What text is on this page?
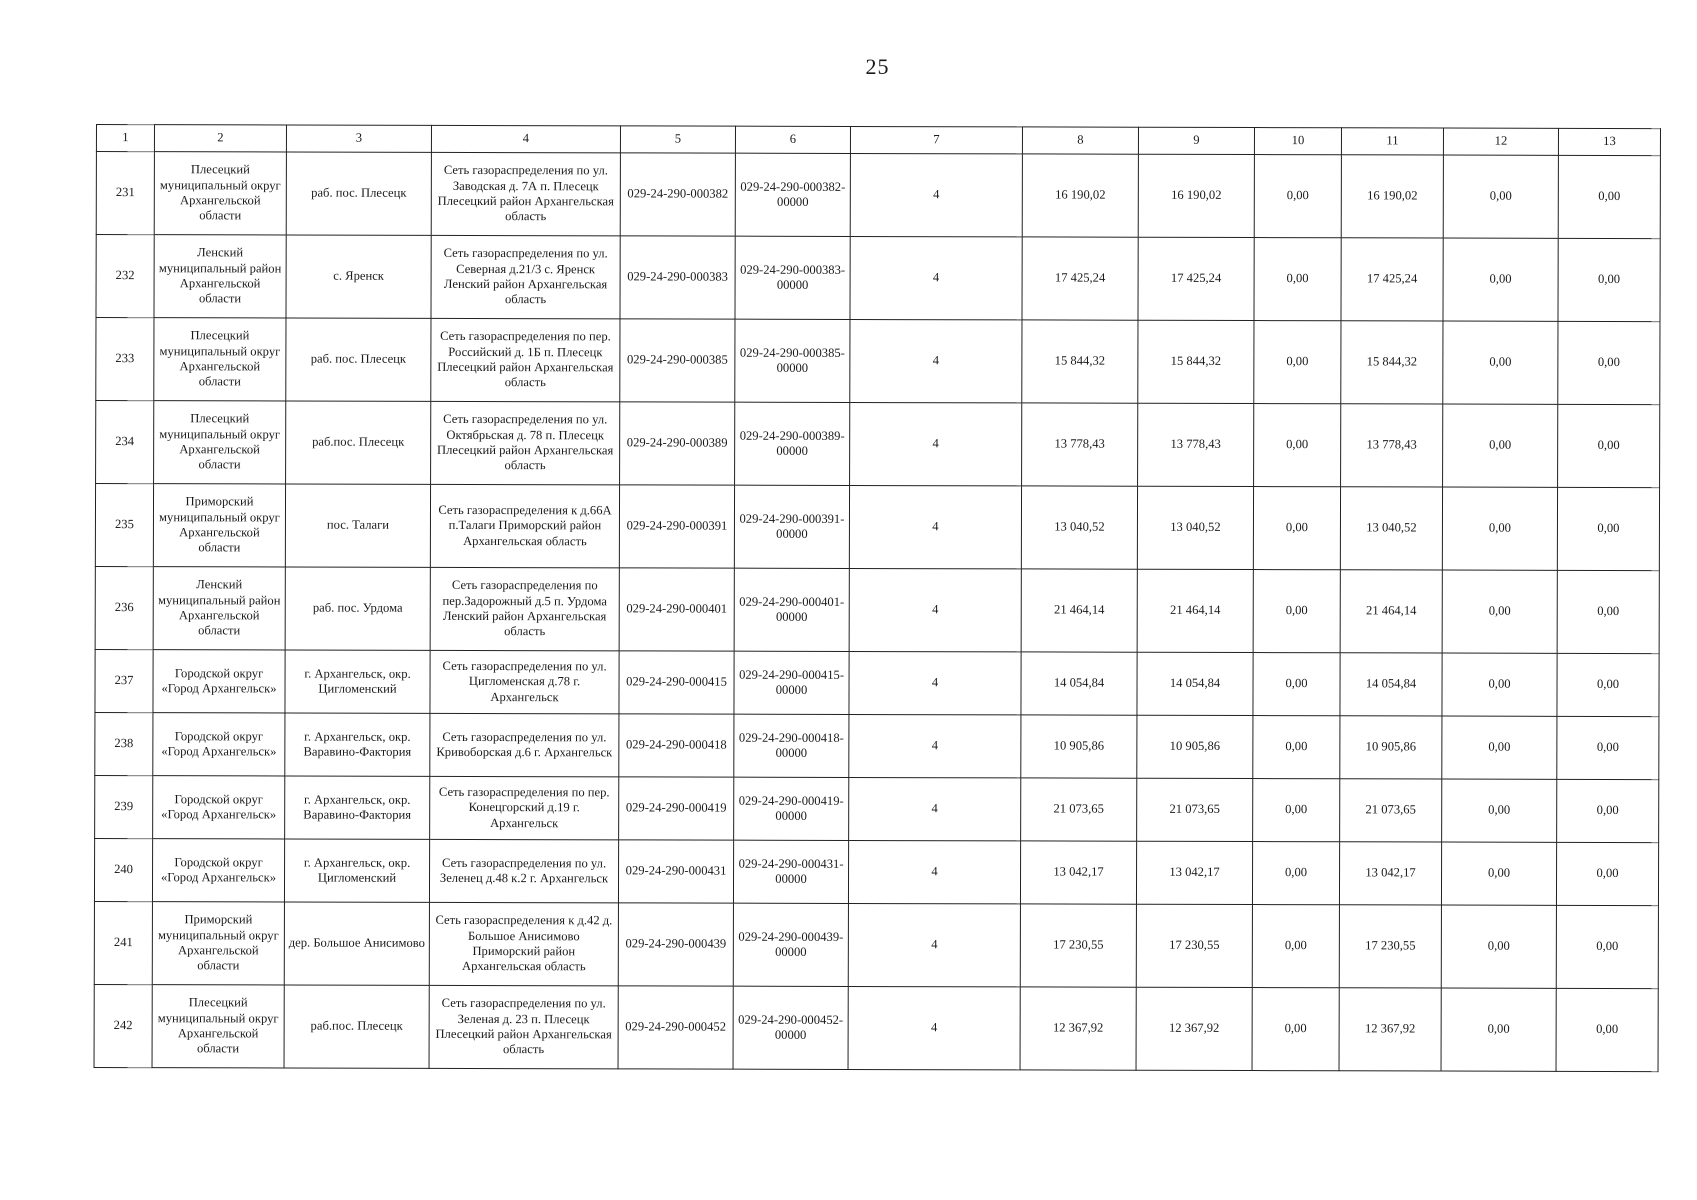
25
1	2	3	4	5	6	7	8	9	10	11	12	13
231	Плесецкий муниципальный округ Архангельской области	раб. пос. Плесецк	Сеть газораспределения по ул. Заводская д. 7А п. Плесецк Плесецкий район Архангельская область	029-24-290-000382	029-24-290-000382-00000	4	16 190,02	16 190,02	0,00	16 190,02	0,00	0,00
232	Ленский муниципальный район Архангельской области	с. Яренск	Сеть газораспределения по ул. Северная д.21/3 с. Яренск Ленский район Архангельская область	029-24-290-000383	029-24-290-000383-00000	4	17 425,24	17 425,24	0,00	17 425,24	0,00	0,00
233	Плесецкий муниципальный округ Архангельской области	раб. пос. Плесецк	Сеть газораспределения по пер. Российский д. 1Б п. Плесецк Плесецкий район Архангельская область	029-24-290-000385	029-24-290-000385-00000	4	15 844,32	15 844,32	0,00	15 844,32	0,00	0,00
234	Плесецкий муниципальный округ Архангельской области	раб.пос. Плесецк	Сеть газораспределения по ул. Октябрьская д. 78 п. Плесецк Плесецкий район Архангельская область	029-24-290-000389	029-24-290-000389-00000	4	13 778,43	13 778,43	0,00	13 778,43	0,00	0,00
235	Приморский муниципальный округ Архангельской области	пос. Талаги	Сеть газораспределения к д.66А п.Талаги Приморский район Архангельская область	029-24-290-000391	029-24-290-000391-00000	4	13 040,52	13 040,52	0,00	13 040,52	0,00	0,00
236	Ленский муниципальный район Архангельской области	раб. пос. Урдома	Сеть газораспределения по пер.Задорожный д.5 п. Урдома Ленский район Архангельская область	029-24-290-000401	029-24-290-000401-00000	4	21 464,14	21 464,14	0,00	21 464,14	0,00	0,00
237	Городской округ «Город Архангельск»	г. Архангельск, окр. Цигломенский	Сеть газораспределения по ул. Цигломенская д.78 г. Архангельск	029-24-290-000415	029-24-290-000415-00000	4	14 054,84	14 054,84	0,00	14 054,84	0,00	0,00
238	Городской округ «Город Архангельск»	г. Архангельск, окр. Варавино-Фактория	Сеть газораспределения по ул. Кривоборская д.6 г. Архангельск	029-24-290-000418	029-24-290-000418-00000	4	10 905,86	10 905,86	0,00	10 905,86	0,00	0,00
239	Городской округ «Город Архангельск»	г. Архангельск, окр. Варавино-Фактория	Сеть газораспределения по пер. Конецгорский д.19 г. Архангельск	029-24-290-000419	029-24-290-000419-00000	4	21 073,65	21 073,65	0,00	21 073,65	0,00	0,00
240	Городской округ «Город Архангельск»	г. Архангельск, окр. Цигломенский	Сеть газораспределения по ул. Зеленец д.48 к.2 г. Архангельск	029-24-290-000431	029-24-290-000431-00000	4	13 042,17	13 042,17	0,00	13 042,17	0,00	0,00
241	Приморский муниципальный округ Архангельской области	дер. Большое Анисимово	Сеть газораспределения к д.42 д. Большое Анисимово Приморский район Архангельская область	029-24-290-000439	029-24-290-000439-00000	4	17 230,55	17 230,55	0,00	17 230,55	0,00	0,00
242	Плесецкий муниципальный округ Архангельской области	раб.пос. Плесецк	Сеть газораспределения по ул. Зеленая д. 23 п. Плесецк Плесецкий район Архангельская область	029-24-290-000452	029-24-290-000452-00000	4	12 367,92	12 367,92	0,00	12 367,92	0,00	0,00
